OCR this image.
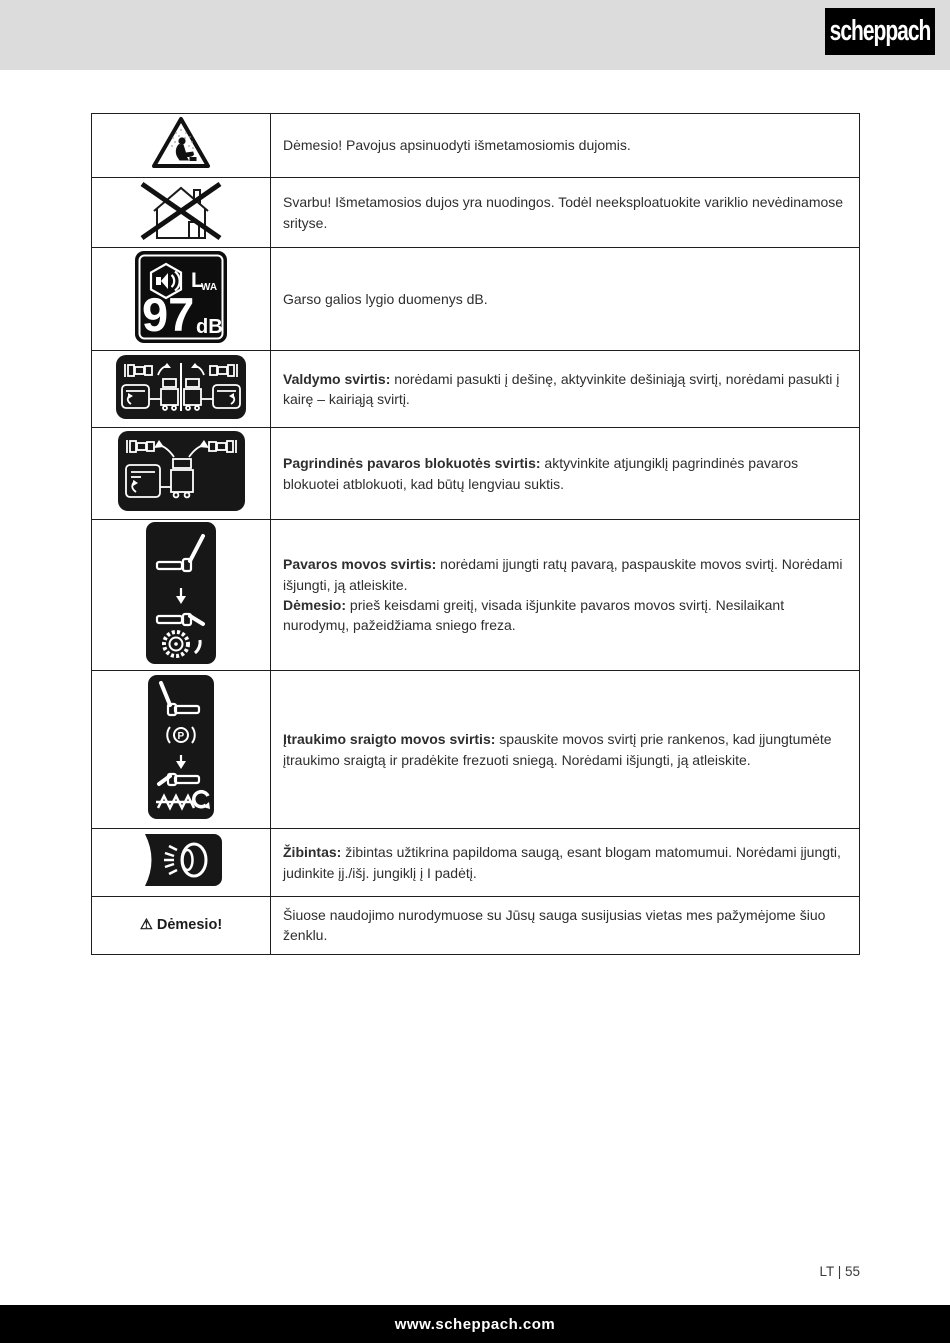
scheppach

Dėmesio! Pavojus apsinuodyti išmetamosiomis dujomis.

Svarbu! Išmetamosios dujos yra nuodingos. Todėl neeksploatuokite variklio nevėdinamose srityse.

L
WA
97 dB	Garso galios lygio duomenys dB.

Valdymo svirtis: norėdami pasukti į dešinę, aktyvinkite dešiniąją svirtį, norėdami pasukti į kairę – kairiąją svirtį.

Pagrindinės pavaros blokuotės svirtis: aktyvinkite atjungiklį pagrindinės pavaros blokuotei atblokuoti, kad būtų lengviau suktis.

Pavaros movos svirtis: norėdami įjungti ratų pavarą, paspauskite movos svirtį. Norėdami išjungti, ją atleiskite.

Dėmesio: prieš keisdami greitį, visada išjunkite pavaros movos svirtį. Nesilaikant nurodymų, pažeidžiama sniego freza.

P	Įtraukimo sraigto movos svirtis: spauskite movos svirtį prie rankenos, kad įjungtumėte įtraukimo sraigtą ir pradėkite frezuoti sniegą. Norėdami išjungti, ją atleiskite.

Žibintas: žibintas užtikrina papildoma saugą, esant blogam matomumui. Norėdami įjungti, judinkite įj./išj. jungiklį į I padėtį.

⚠ Dėmesio!	Šiuose naudojimo nurodymuose su Jūsų sauga susijusias vietas mes pažymėjome šiuo ženklu.

LT | 55
www.scheppach.com
